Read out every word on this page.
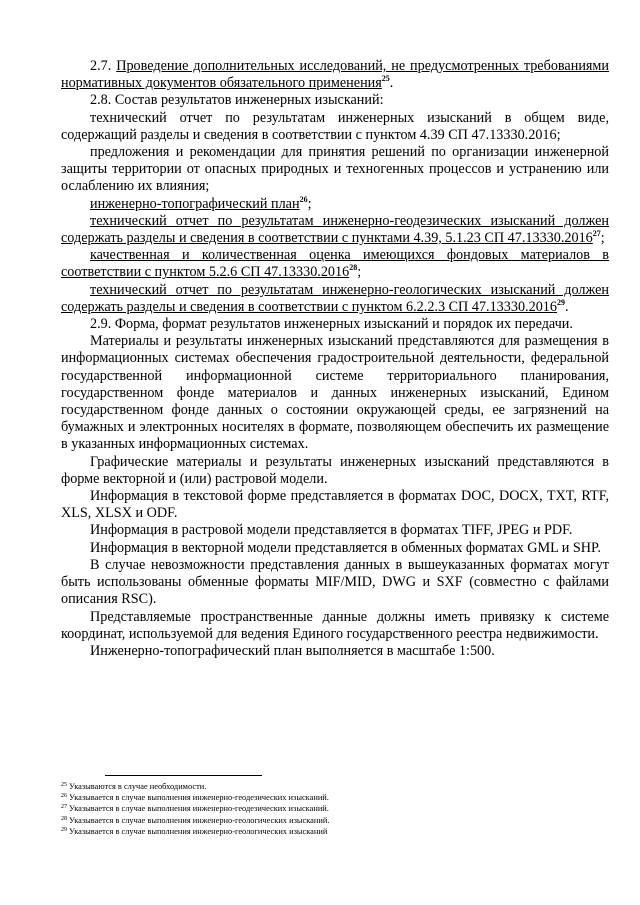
2.7. Проведение дополнительных исследований, не предусмотренных требованиями нормативных документов обязательного применения$^{25}$.

2.8. Состав результатов инженерных изысканий:

технический отчет по результатам инженерных изысканий в общем виде, содержащий разделы и сведения в соответствии с пунктом 4.39 СП 47.13330.2016;

предложения и рекомендации для принятия решений по организации инженерной защиты территории от опасных природных и техногенных процессов и устранению или ослаблению их влияния;

инженерно-топографический план$^{26}$;

технический отчет по результатам инженерно-геодезических изысканий должен содержать разделы и сведения в соответствии с пунктами 4.39, 5.1.23 СП 47.13330.2016$^{27}$;

качественная и количественная оценка имеющихся фондовых материалов в соответствии с пунктом 5.2.6 СП 47.13330.2016$^{28}$;

технический отчет по результатам инженерно-геологических изысканий должен содержать разделы и сведения в соответствии с пунктом 6.2.2.3 СП 47.13330.2016$^{29}$.

2.9. Форма, формат результатов инженерных изысканий и порядок их передачи.

Материалы и результаты инженерных изысканий представляются для размещения в информационных системах обеспечения градостроительной деятельности, федеральной государственной информационной системе территориального планирования, государственном фонде материалов и данных инженерных изысканий, Едином государственном фонде данных о состоянии окружающей среды, ее загрязнений на бумажных и электронных носителях в формате, позволяющем обеспечить их размещение в указанных информационных системах.

Графические материалы и результаты инженерных изысканий представляются в форме векторной и (или) растровой модели.

Информация в текстовой форме представляется в форматах DOC, DOCX, TXT, RTF, XLS, XLSX и ODF.

Информация в растровой модели представляется в форматах TIFF, JPEG и PDF.

Информация в векторной модели представляется в обменных форматах GML и SHP.

В случае невозможности представления данных в вышеуказанных форматах могут быть использованы обменные форматы MIF/MID, DWG и SXF (совместно с файлами описания RSC).

Представляемые пространственные данные должны иметь привязку к системе координат, используемой для ведения Единого государственного реестра недвижимости.

Инженерно-топографический план выполняется в масштабе 1:500.

$^{25}$ Указываются в случае необходимости.
$^{26}$ Указывается в случае выполнения инженерно-геодезических изысканий.
$^{27}$ Указывается в случае выполнения инженерно-геодезических изысканий.
$^{28}$ Указывается в случае выполнения инженерно-геологических изысканий.
$^{29}$ Указывается в случае выполнения инженерно-геологических изысканий
